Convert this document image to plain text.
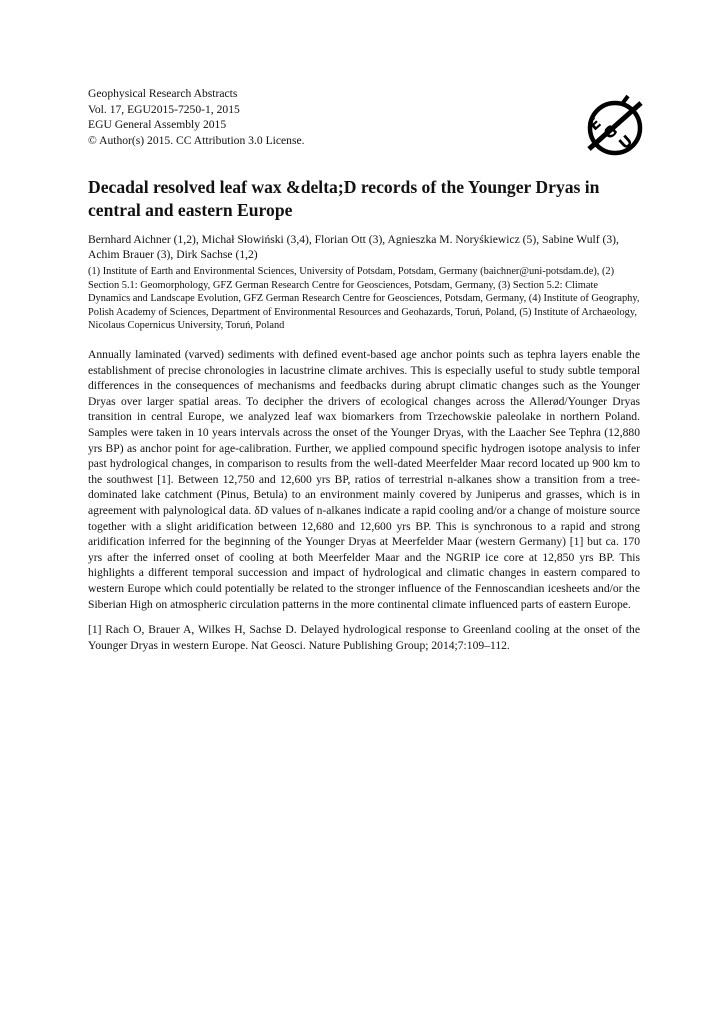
Geophysical Research Abstracts
Vol. 17, EGU2015-7250-1, 2015
EGU General Assembly 2015
© Author(s) 2015. CC Attribution 3.0 License.
E
G
U
Decadal resolved leaf wax &delta;D records of the Younger Dryas in central and eastern Europe

Bernhard Aichner (1,2), Michał Słowiński (3,4), Florian Ott (3), Agnieszka M. Noryśkiewicz (5), Sabine Wulf (3), Achim Brauer (3), Dirk Sachse (1,2)

(1) Institute of Earth and Environmental Sciences, University of Potsdam, Potsdam, Germany (baichner@uni-potsdam.de), (2) Section 5.1: Geomorphology, GFZ German Research Centre for Geosciences, Potsdam, Germany, (3) Section 5.2: Climate Dynamics and Landscape Evolution, GFZ German Research Centre for Geosciences, Potsdam, Germany, (4) Institute of Geography, Polish Academy of Sciences, Department of Environmental Resources and Geohazards, Toruń, Poland, (5) Institute of Archaeology, Nicolaus Copernicus University, Toruń, Poland

Annually laminated (varved) sediments with defined event-based age anchor points such as tephra layers enable the establishment of precise chronologies in lacustrine climate archives. This is especially useful to study subtle temporal differences in the consequences of mechanisms and feedbacks during abrupt climatic changes such as the Younger Dryas over larger spatial areas. To decipher the drivers of ecological changes across the Allerød/Younger Dryas transition in central Europe, we analyzed leaf wax biomarkers from Trzechowskie paleolake in northern Poland. Samples were taken in 10 years intervals across the onset of the Younger Dryas, with the Laacher See Tephra (12,880 yrs BP) as anchor point for age-calibration. Further, we applied compound specific hydrogen isotope analysis to infer past hydrological changes, in comparison to results from the well-dated Meerfelder Maar record located up 900 km to the southwest [1]. Between 12,750 and 12,600 yrs BP, ratios of terrestrial n-alkanes show a transition from a tree-dominated lake catchment (Pinus, Betula) to an environment mainly covered by Juniperus and grasses, which is in agreement with palynological data. δD values of n-alkanes indicate a rapid cooling and/or a change of moisture source together with a slight aridification between 12,680 and 12,600 yrs BP. This is synchronous to a rapid and strong aridification inferred for the beginning of the Younger Dryas at Meerfelder Maar (western Germany) [1] but ca. 170 yrs after the inferred onset of cooling at both Meerfelder Maar and the NGRIP ice core at 12,850 yrs BP. This highlights a different temporal succession and impact of hydrological and climatic changes in eastern compared to western Europe which could potentially be related to the stronger influence of the Fennoscandian icesheets and/or the Siberian High on atmospheric circulation patterns in the more continental climate influenced parts of eastern Europe.

[1] Rach O, Brauer A, Wilkes H, Sachse D. Delayed hydrological response to Greenland cooling at the onset of the Younger Dryas in western Europe. Nat Geosci. Nature Publishing Group; 2014;7:109–112.
